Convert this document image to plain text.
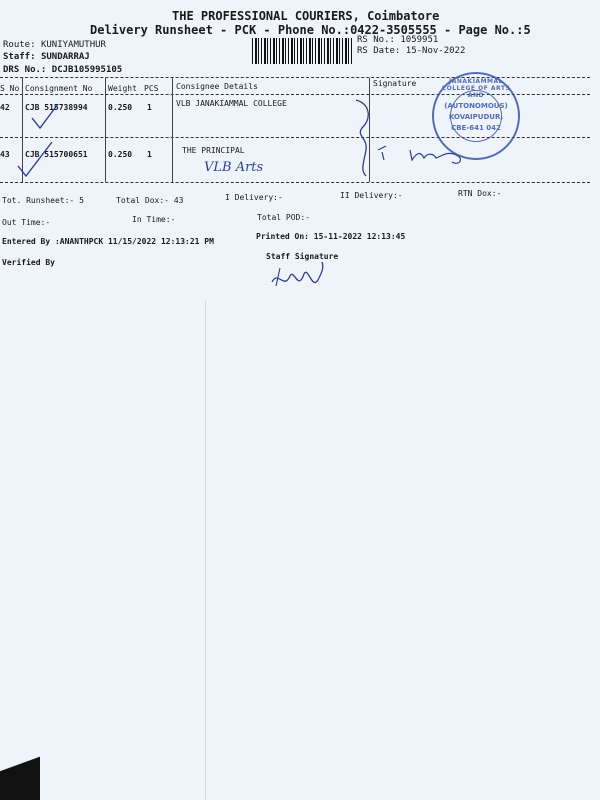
THE PROFESSIONAL COURIERS, Coimbatore
Delivery Runsheet - PCK - Phone No.:0422-3505555 - Page No.:5
Route: KUNIYAMUTHUR
Staff: SUNDARRAJ
DRS No.: DCJB105995105
RS No.: 1059951
RS Date: 15-Nov-2022
S No Consignment No Weight PCS Consignee Details	Signature
42 CJB 515738994	0.250 1	VLB JANAKIAMMAL COLLEGE
43 CJB 515700651	0.250 1	THE PRINCIPAL
VLB Arts
JANAKIAMMAL COLLEGE OF ARTS AND
(AUTONOMOUS)
KOVAIPUDUR,
CBE-641 042
Tot. Runsheet:- 5	Total Dox:- 43	I Delivery:-	II Delivery:-	RTN Dox:-
Out Time:-	In Time:-	Total POD:-
Entered By :ANANTHPCK 11/15/2022 12:13:21 PM
Printed On: 15-11-2022 12:13:45
Verified By
Staff Signature
